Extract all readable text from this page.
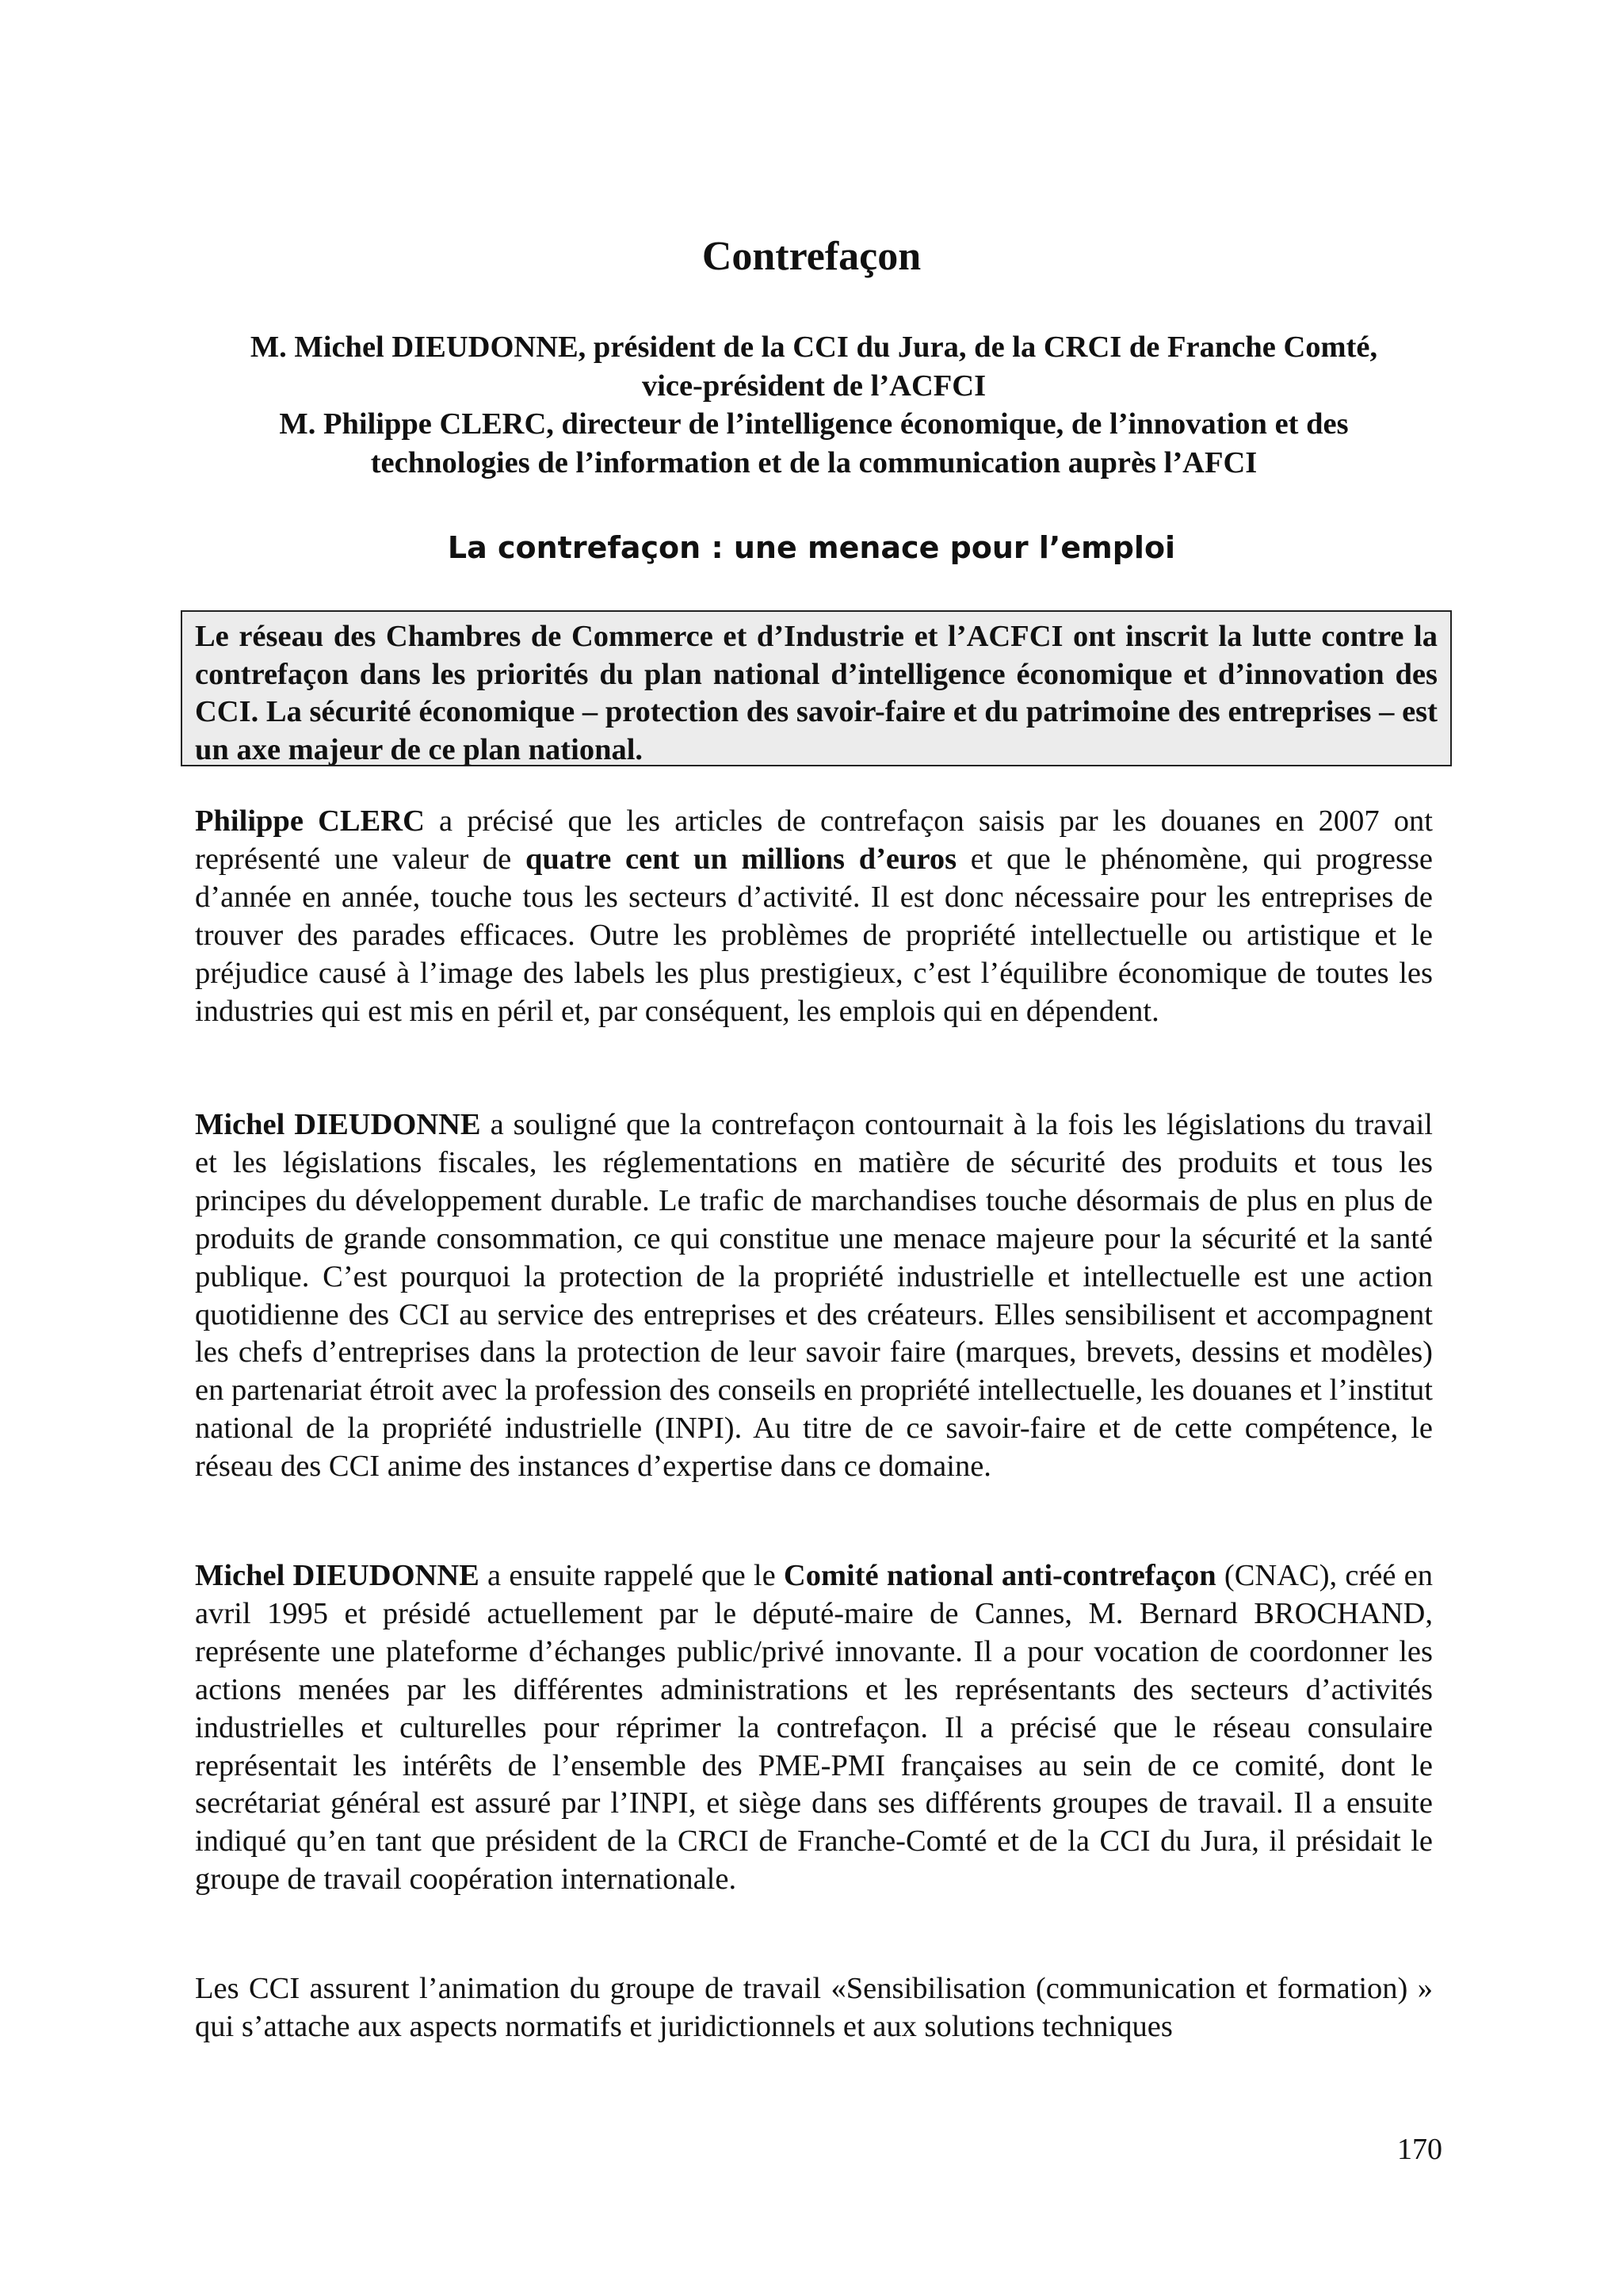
Contrefaçon

M. Michel DIEUDONNE, président de la CCI du Jura, de la CRCI de Franche Comté,
vice-président de l’ACFCI
M. Philippe CLERC, directeur de l’intelligence économique, de l’innovation et des
technologies de l’information et de la communication auprès l’AFCI

La contrefaçon : une menace pour l’emploi

Le réseau des Chambres de Commerce et d’Industrie et l’ACFCI ont inscrit la lutte contre la contrefaçon dans les priorités du plan national d’intelligence économique et d’innovation des CCI. La sécurité économique – protection des savoir-faire et du patrimoine des entreprises – est un axe majeur de ce plan national.

Philippe CLERC a précisé que les articles de contrefaçon saisis par les douanes en 2007 ont représenté une valeur de quatre cent un millions d’euros et que le phénomène, qui progresse d’année en année, touche tous les secteurs d’activité. Il est donc nécessaire pour les entreprises de trouver des parades efficaces. Outre les problèmes de propriété intellectuelle ou artistique et le préjudice causé à l’image des labels les plus prestigieux, c’est l’équilibre économique de toutes les industries qui est mis en péril et, par conséquent, les emplois qui en dépendent.

Michel DIEUDONNE a souligné que la contrefaçon contournait à la fois les législations du travail et les législations fiscales, les réglementations en matière de sécurité des produits et tous les principes du développement durable. Le trafic de marchandises touche désormais de plus en plus de produits de grande consommation, ce qui constitue une menace majeure pour la sécurité et la santé publique. C’est pourquoi la protection de la propriété industrielle et intellectuelle est une action quotidienne des CCI au service des entreprises et des créateurs. Elles sensibilisent et accompagnent les chefs d’entreprises dans la protection de leur savoir faire (marques, brevets, dessins et modèles) en partenariat étroit avec la profession des conseils en propriété intellectuelle, les douanes et l’institut national de la propriété industrielle (INPI). Au titre de ce savoir-faire et de cette compétence, le réseau des CCI anime des instances d’expertise dans ce domaine.

Michel DIEUDONNE a ensuite rappelé que le Comité national anti-contrefaçon (CNAC), créé en avril 1995 et présidé actuellement par le député-maire de Cannes, M. Bernard BROCHAND, représente une plateforme d’échanges public/privé innovante. Il a pour vocation de coordonner les actions menées par les différentes administrations et les représentants des secteurs d’activités industrielles et culturelles pour réprimer la contrefaçon. Il a précisé que le réseau consulaire représentait les intérêts de l’ensemble des PME-PMI françaises au sein de ce comité, dont le secrétariat général est assuré par l’INPI, et siège dans ses différents groupes de travail. Il a ensuite indiqué qu’en tant que président de la CRCI de Franche-Comté et de la CCI du Jura, il présidait le groupe de travail coopération internationale.

Les CCI assurent l’animation du groupe de travail «Sensibilisation (communication et formation) » qui s’attache aux aspects normatifs et juridictionnels et aux solutions techniques

170
